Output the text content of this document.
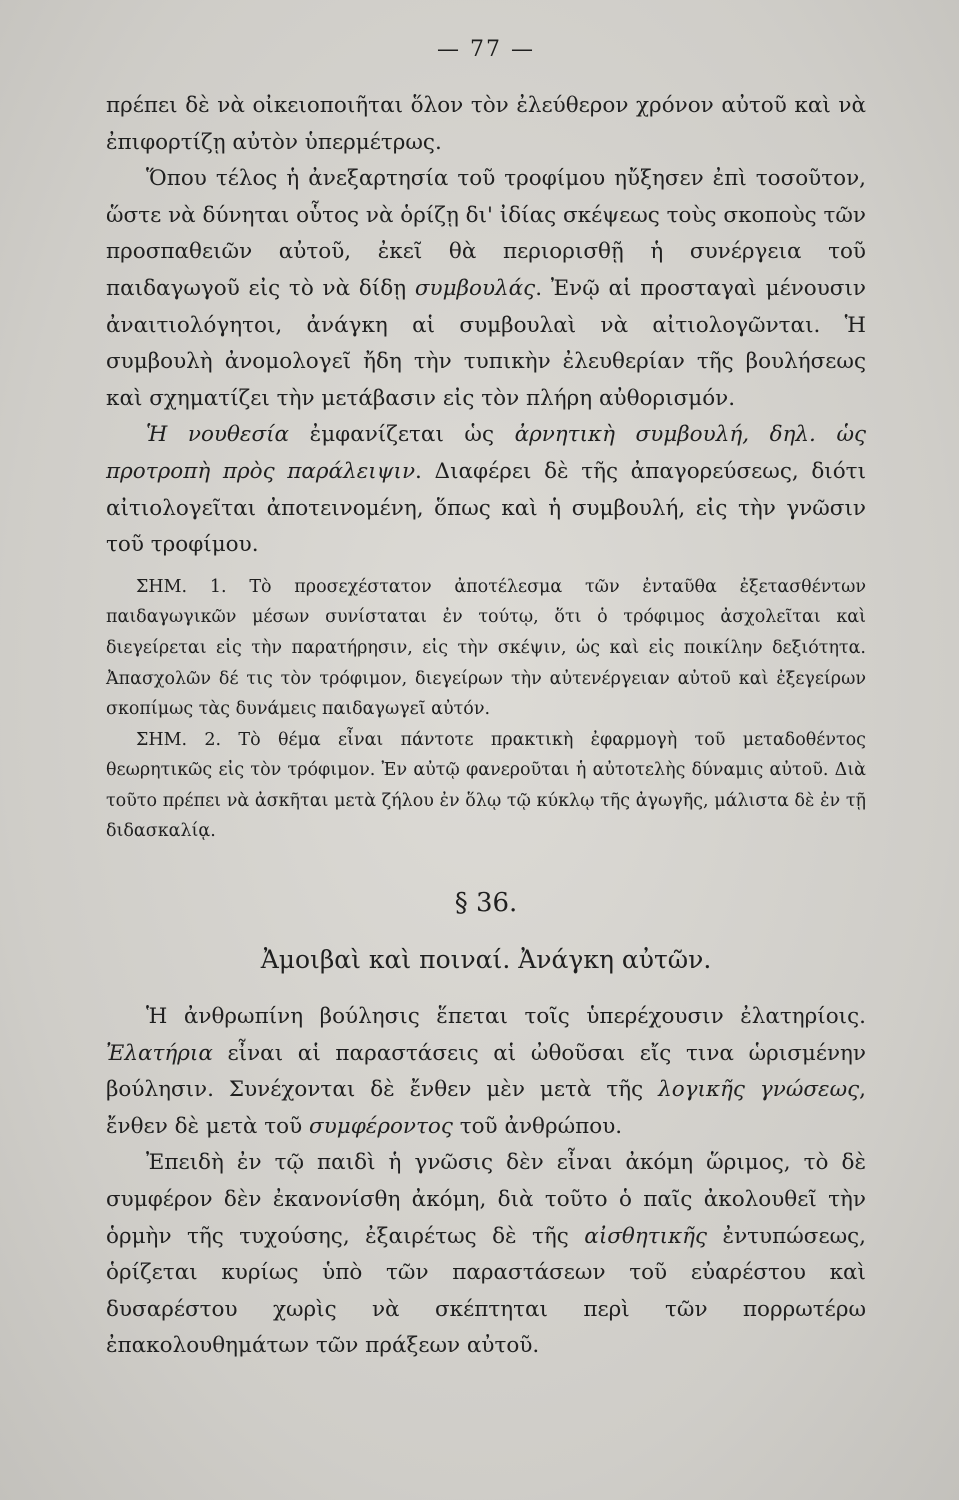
— 77 —

πρέπει δὲ νὰ οἰκειοποιῆται ὅλον τὸν ἐλεύθερον χρόνον αὐτοῦ καὶ νὰ ἐπιφορτίζῃ αὐτὸν ὑπερμέτρως.

Ὅπου τέλος ἡ ἀνεξαρτησία τοῦ τροφίμου ηὔξησεν ἐπὶ τοσοῦτον, ὥστε νὰ δύνηται οὗτος νὰ ὁρίζῃ δι' ἰδίας σκέψεως τοὺς σκοποὺς τῶν προσπαθειῶν αὐτοῦ, ἐκεῖ θὰ περιορισθῇ ἡ συνέργεια τοῦ παιδαγωγοῦ εἰς τὸ νὰ δίδῃ συμβουλάς. Ἐνῷ αἱ προσταγαὶ μένουσιν ἀναιτιολόγητοι, ἀνάγκη αἱ συμβουλαὶ νὰ αἰτιολογῶνται. Ἡ συμβουλὴ ἀνομολογεῖ ἤδη τὴν τυπικὴν ἐλευθερίαν τῆς βουλήσεως καὶ σχηματίζει τὴν μετάβασιν εἰς τὸν πλήρη αὐθορισμόν.

Ἡ νουθεσία ἐμφανίζεται ὡς ἀρνητικὴ συμβουλή, δηλ. ὡς προτροπὴ πρὸς παράλειψιν. Διαφέρει δὲ τῆς ἀπαγορεύσεως, διότι αἰτιολογεῖται ἀποτεινομένη, ὅπως καὶ ἡ συμβουλή, εἰς τὴν γνῶσιν τοῦ τροφίμου.

ΣΗΜ. 1. Τὸ προσεχέστατον ἀποτέλεσμα τῶν ἐνταῦθα ἐξετασθέντων παιδαγωγικῶν μέσων συνίσταται ἐν τούτῳ, ὅτι ὁ τρόφιμος ἀσχολεῖται καὶ διεγείρεται εἰς τὴν παρατήρησιν, εἰς τὴν σκέψιν, ὡς καὶ εἰς ποικίλην δεξιότητα. Ἀπασχολῶν δέ τις τὸν τρόφιμον, διεγείρων τὴν αὐτενέργειαν αὐτοῦ καὶ ἐξεγείρων σκοπίμως τὰς δυνάμεις παιδαγωγεῖ αὐτόν.

ΣΗΜ. 2. Τὸ θέμα εἶναι πάντοτε πρακτικὴ ἐφαρμογὴ τοῦ μεταδοθέντος θεωρητικῶς εἰς τὸν τρόφιμον. Ἐν αὐτῷ φανεροῦται ἡ αὐτοτελὴς δύναμις αὐτοῦ. Διὰ τοῦτο πρέπει νὰ ἀσκῆται μετὰ ζήλου ἐν ὅλῳ τῷ κύκλῳ τῆς ἀγωγῆς, μάλιστα δὲ ἐν τῇ διδασκαλίᾳ.

§ 36.
Ἀμοιβαὶ καὶ ποιναί. Ἀνάγκη αὐτῶν.

Ἡ ἀνθρωπίνη βούλησις ἕπεται τοῖς ὑπερέχουσιν ἐλατηρίοις. Ἐλατήρια εἶναι αἱ παραστάσεις αἱ ὠθοῦσαι εἴς τινα ὡρισμένην βούλησιν. Συνέχονται δὲ ἔνθεν μὲν μετὰ τῆς λογικῆς γνώσεως, ἔνθεν δὲ μετὰ τοῦ συμφέροντος τοῦ ἀνθρώπου.

Ἐπειδὴ ἐν τῷ παιδὶ ἡ γνῶσις δὲν εἶναι ἀκόμη ὥριμος, τὸ δὲ συμφέρον δὲν ἐκανονίσθη ἀκόμη, διὰ τοῦτο ὁ παῖς ἀκολουθεῖ τὴν ὁρμὴν τῆς τυχούσης, ἐξαιρέτως δὲ τῆς αἰσθητικῆς ἐντυπώσεως, ὁρίζεται κυρίως ὑπὸ τῶν παραστάσεων τοῦ εὐαρέστου καὶ δυσαρέστου χωρὶς νὰ σκέπτηται περὶ τῶν πορρωτέρω ἐπακολουθημάτων τῶν πράξεων αὐτοῦ.
